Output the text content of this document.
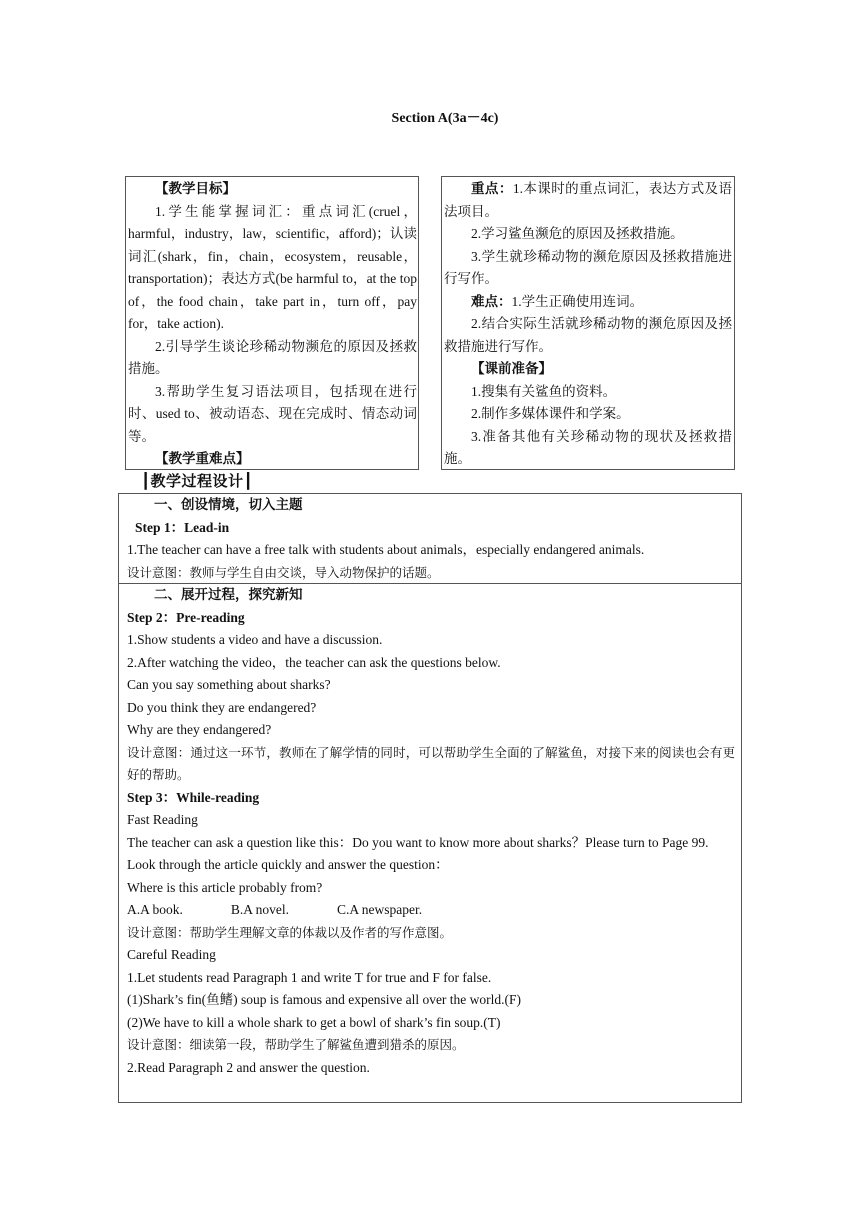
Section A(3a－4c)

【教学目标】

1.学生能掌握词汇：重点词汇(cruel，harmful，industry，law，scientific，afford)；认读词汇(shark，fin，chain，ecosystem，reusable，transportation)；表达方式(be harmful to，at the top of，the food chain，take part in，turn off，pay for，take action).

2.引导学生谈论珍稀动物濒危的原因及拯救措施。

3.帮助学生复习语法项目，包括现在进行时、used to、被动语态、现在完成时、情态动词等。

【教学重难点】

重点：1.本课时的重点词汇，表达方式及语法项目。

2.学习鲨鱼濒危的原因及拯救措施。

3.学生就珍稀动物的濒危原因及拯救措施进行写作。

难点：1.学生正确使用连词。

2.结合实际生活就珍稀动物的濒危原因及拯救措施进行写作。

【课前准备】

1.搜集有关鲨鱼的资料。

2.制作多媒体课件和学案。

3.准备其他有关珍稀动物的现状及拯救措施。

┃教学过程设计┃

一、创设情境，切入主题

Step 1：Lead-in

1.The teacher can have a free talk with students about animals，especially endangered animals.

设计意图：教师与学生自由交谈，导入动物保护的话题。

二、展开过程，探究新知

Step 2：Pre-reading

1.Show students a video and have a discussion.

2.After watching the video，the teacher can ask the questions below.

Can you say something about sharks?

Do you think they are endangered?

Why are they endangered?

设计意图：通过这一环节，教师在了解学情的同时，可以帮助学生全面的了解鲨鱼，对接下来的阅读也会有更好的帮助。

Step 3：While-reading

Fast Reading

The teacher can ask a question like this：Do you want to know more about sharks？Please turn to Page 99.

Look through the article quickly and answer the question：

Where is this article probably from?

A.A book.	B.A novel.	C.A newspaper.

设计意图：帮助学生理解文章的体裁以及作者的写作意图。

Careful Reading

1.Let students read Paragraph 1 and write T for true and F for false.

(1)Shark’s fin(鱼鳍) soup is famous and expensive all over the world.(F)

(2)We have to kill a whole shark to get a bowl of shark’s fin soup.(T)

设计意图：细读第一段，帮助学生了解鲨鱼遭到猎杀的原因。

2.Read Paragraph 2 and answer the question.
